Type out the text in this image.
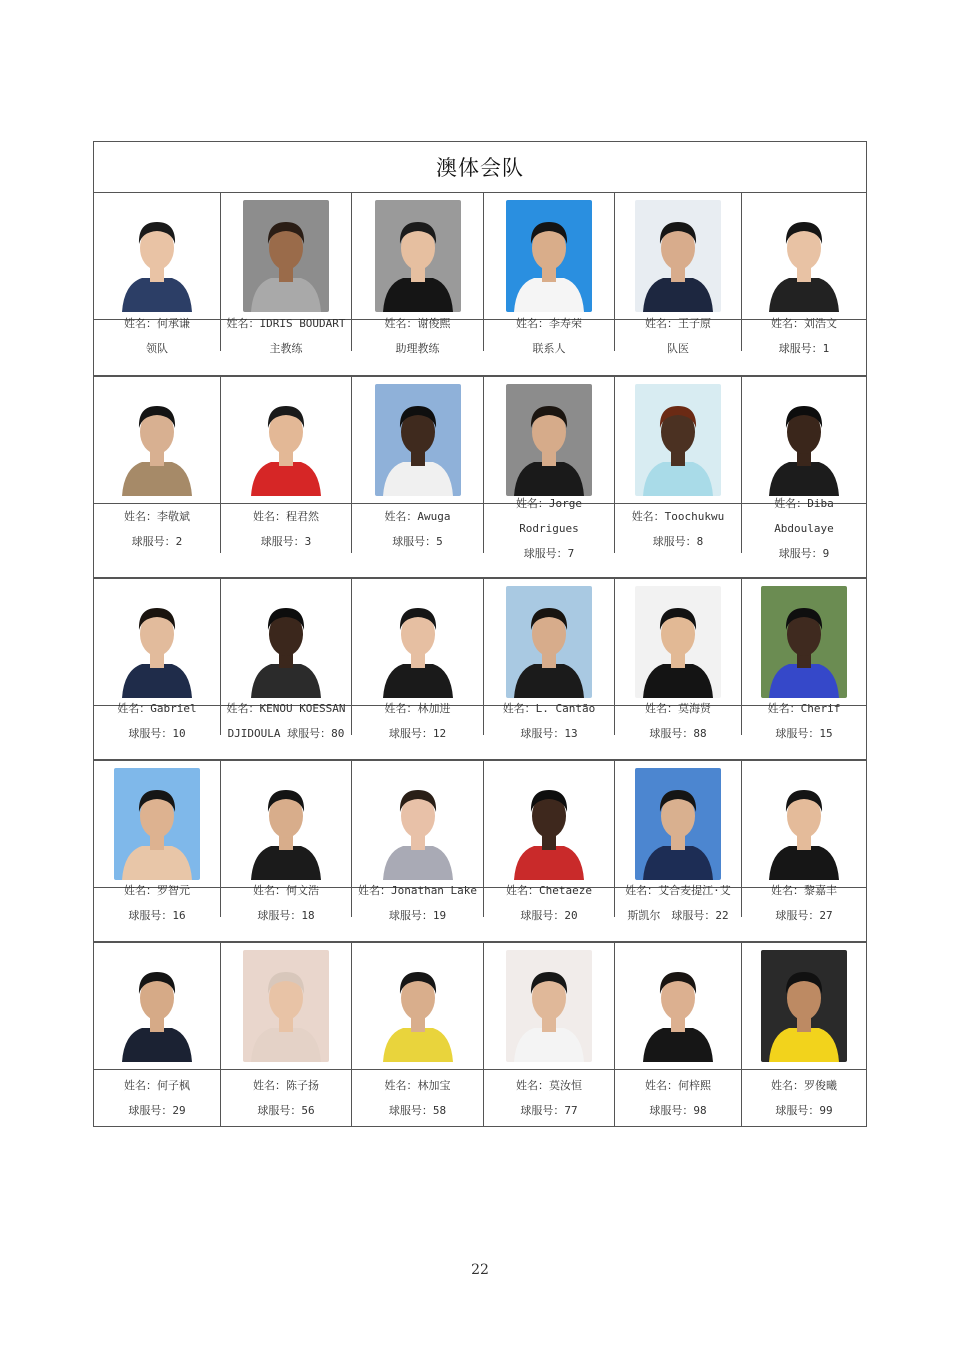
澳体会队
姓名：何承谦
领队
姓名：IDRIS BOUDART
主教练
姓名：谢俊熙
助理教练
姓名：李寿荣
联系人
姓名：王子原
队医
姓名：刘浩文
球服号：1
姓名：李敬斌
球服号：2
姓名：程君然
球服号：3
姓名：Awuga
球服号：5
姓名：Jorge
Rodrigues
球服号：7
姓名：Toochukwu
球服号：8
姓名：Diba
Abdoulaye
球服号：9
姓名：Gabriel
球服号：10
姓名：KENOU KOESSAN
DJIDOULA 球服号：80
姓名：林加进
球服号：12
姓名：L. Cantão
球服号：13
姓名：莫海贤
球服号：88
姓名：Cherif
球服号：15
姓名：罗智元
球服号：16
姓名：何文浩
球服号：18
姓名：Jonathan Lake
球服号：19
姓名：Chetaeze
球服号：20
姓名：艾合麦提江·艾
斯凯尔　球服号：22
姓名：黎嘉丰
球服号：27
姓名：何子枫
球服号：29
姓名：陈子扬
球服号：56
姓名：林加宝
球服号：58
姓名：莫汝恒
球服号：77
姓名：何梓熙
球服号：98
姓名：罗俊曦
球服号：99
22
